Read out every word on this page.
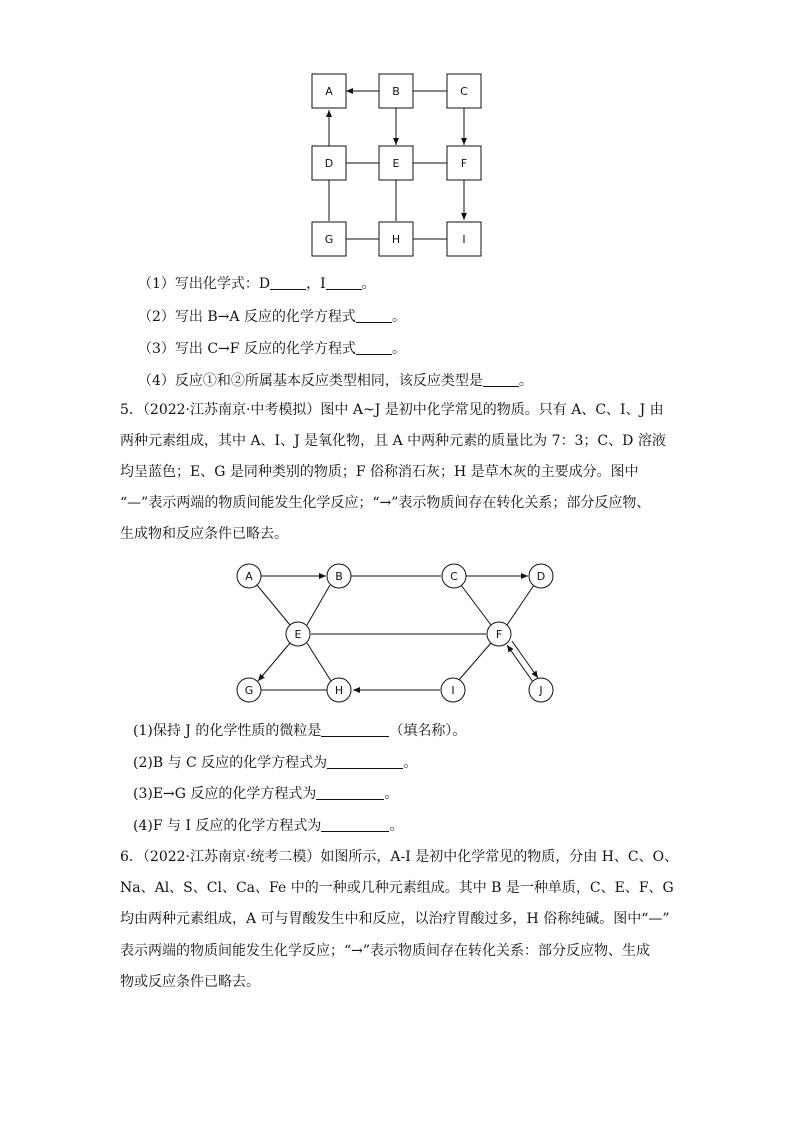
A	B	C
D	E	F
G	H	I
（1）写出化学式：D	，I	。
（2）写出 B→A 反应的化学方程式	。
（3）写出 C→F 反应的化学方程式	。
（4）反应①和②所属基本反应类型相同，该反应类型是	。
5．（2022·江苏南京·中考模拟）图中 A~J 是初中化学常见的物质。只有 A、C、I、J 由
两种元素组成，其中 A、I、J 是氧化物，且 A 中两种元素的质量比为 7：3；C、D 溶液
均呈蓝色；E、G 是同种类别的物质；F 俗称消石灰；H 是草木灰的主要成分。图中
“—”表示两端的物质间能发生化学反应；“→”表示物质间存在转化关系；部分反应物、
生成物和反应条件已略去。
A	B	C	D
E	F
G	H	I	J
(1)保持 J 的化学性质的微粒是	（填名称）。
(2)B 与 C 反应的化学方程式为	。
(3)E→G 反应的化学方程式为	。
(4)F 与 I 反应的化学方程式为	。
6．（2022·江苏南京·统考二模）如图所示，A-I 是初中化学常见的物质，分由 H、C、O、
Na、Al、S、Cl、Ca、Fe 中的一种或几种元素组成。其中 B 是一种单质，C、E、F、G
均由两种元素组成，A 可与胃酸发生中和反应，以治疗胃酸过多，H 俗称纯碱。图中“—”
表示两端的物质间能发生化学反应；“→”表示物质间存在转化关系：部分反应物、生成
物或反应条件已略去。
